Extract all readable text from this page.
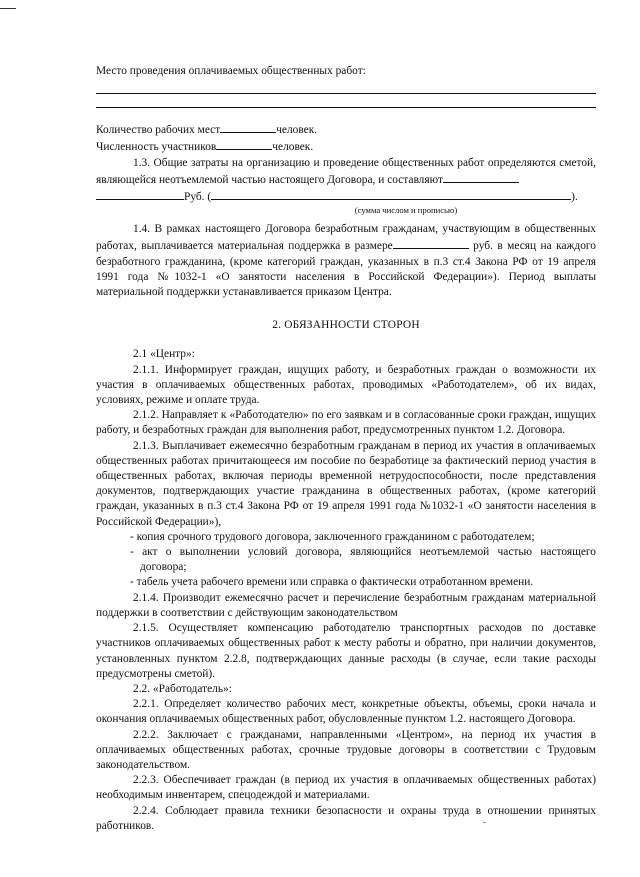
Место проведения оплачиваемых общественных работ:

Количество рабочих мест	человек.

Численность участников	человек.

1.3. Общие затраты на организацию и проведение общественных работ определяются сметой, являющейся неотъемлемой частью настоящего Договора, и составляют
Руб. (	).

(сумма числом и прописью)

1.4. В рамках настоящего Договора безработным гражданам, участвующим в общественных работах, выплачивается материальная поддержка в размере	руб. в месяц на каждого безработного гражданина, (кроме категорий граждан, указанных в п.3 ст.4 Закона РФ от 19 апреля 1991 года №1032-1 «О занятости населения в Российской Федерации»). Период выплаты материальной поддержки устанавливается приказом Центра.

2. ОБЯЗАННОСТИ СТОРОН

2.1 «Центр»:

2.1.1. Информирует граждан, ищущих работу, и безработных граждан о возможности их участия в оплачиваемых общественных работах, проводимых «Работодателем», об их видах, условиях, режиме и оплате труда.

2.1.2. Направляет к «Работодателю» по его заявкам и в согласованные сроки граждан, ищущих работу, и безработных граждан для выполнения работ, предусмотренных пунктом 1.2. Договора.

2.1.3. Выплачивает ежемесячно безработным гражданам в период их участия в оплачиваемых общественных работах причитающееся им пособие по безработице за фактический период участия в общественных работах, включая периоды временной нетрудоспособности, после представления документов, подтверждающих участие гражданина в общественных работах, (кроме категорий граждан, указанных в п.3 ст.4 Закона РФ от 19 апреля 1991 года №1032-1 «О занятости населения в Российской Федерации»),

- копия срочного трудового договора, заключенного гражданином с работодателем;

- акт о выполнении условий договора, являющийся неотъемлемой частью настоящего договора;

- табель учета рабочего времени или справка о фактически отработанном времени.

2.1.4. Производит ежемесячно расчет и перечисление безработным гражданам материальной поддержки в соответствии с действующим законодательством

2.1.5. Осуществляет компенсацию работодателю транспортных расходов по доставке участников оплачиваемых общественных работ к месту работы и обратно, при наличии документов, установленных пунктом 2.2.8, подтверждающих данные расходы (в случае, если такие расходы предусмотрены сметой).

2.2. «Работодатель»:

2.2.1. Определяет количество рабочих мест, конкретные объекты, объемы, сроки начала и окончания оплачиваемых общественных работ, обусловленные пунктом 1.2. настоящего Договора.

2.2.2. Заключает с гражданами, направленными «Центром», на период их участия в оплачиваемых общественных работах, срочные трудовые договоры в соответствии с Трудовым законодательством.

2.2.3. Обеспечивает граждан (в период их участия в оплачиваемых общественных работах) необходимым инвентарем, спецодеждой и материалами.

2.2.4. Соблюдает правила техники безопасности и охраны труда в отношении принятых работников.
